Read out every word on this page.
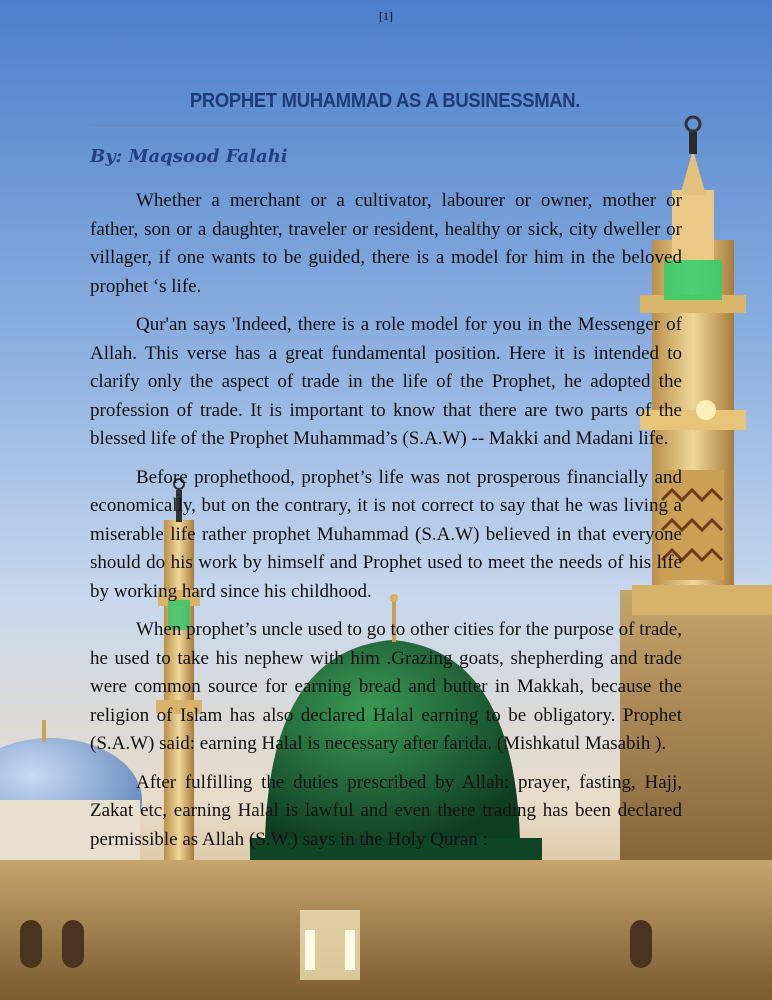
[1]
PROPHET MUHAMMAD AS A BUSINESSMAN.
By: Maqsood Falahi

Whether a merchant or a cultivator, labourer or owner, mother or father, son or a daughter, traveler or resident, healthy or sick, city dweller or villager, if one wants to be guided, there is a model for him in the beloved prophet ‘s life.

Qur'an says 'Indeed, there is a role model for you in the Messenger of Allah. This verse has a great fundamental position. Here it is intended to clarify only the aspect of trade in the life of the Prophet, he adopted the profession of trade. It is important to know that there are two parts of the blessed life of the Prophet Muhammad’s (S.A.W) -- Makki and Madani life.

Before prophethood, prophet’s life was not prosperous financially and economically, but on the contrary, it is not correct to say that he was living a miserable life rather prophet Muhammad (S.A.W) believed in that everyone should do his work by himself and Prophet used to meet the needs of his life by working hard since his childhood.

When prophet’s uncle used to go to other cities for the purpose of trade, he used to take his nephew with him .Grazing goats, shepherding and trade were common source for earning bread and butter in Makkah, because the religion of Islam has also declared Halal earning to be obligatory. Prophet (S.A.W) said: earning Halal is necessary after farida. (Mishkatul Masabih ).

After fulfilling the duties prescribed by Allah: prayer, fasting, Hajj, Zakat etc, earning Halal is lawful and even there trading has been declared permissible as Allah (S.W.) says in the Holy Quran :
